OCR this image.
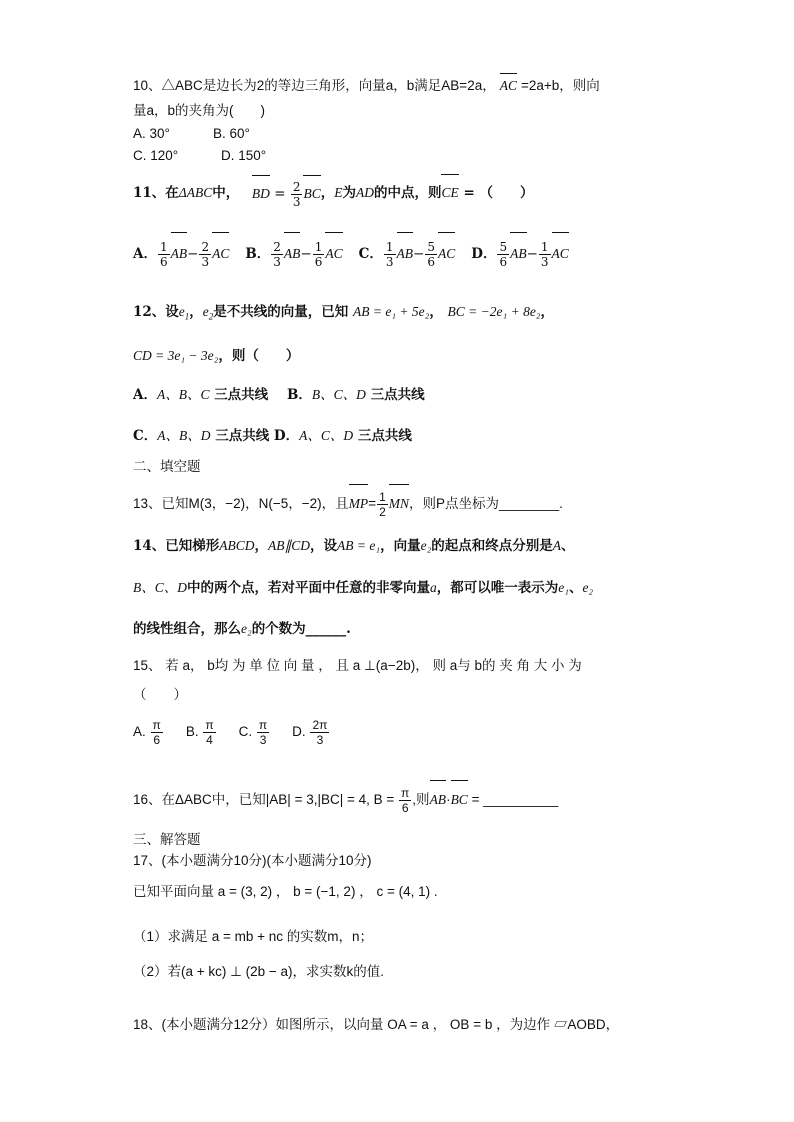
10、△ABC是边长为2的等边三角形，向量a，b满足AB=2a， AC =2a+b，则向
量a，b的夹角为(　　)
A. 30°	B. 60°
C. 120°	D. 150°
11、在ΔABC中， BD = $\frac{2}{3}$ BC，E为AD的中点，则CE = （　　）
A． $\frac{1}{6} AB- \frac{2}{3}$ AC B． $\frac{2}{3} AB- \frac{1}{6}$ AC C． $\frac{1}{3} AB- \frac{5}{6}$ AC D． $\frac{5}{6} AB- \frac{1}{3}$ AC
12、设$e_1$，$e_2$是不共线的向量，已知 AB = e₁ + 5e₂， BC = −2e₁ + 8e₂，
CD = 3e₁ − 3e₂，则（　　）
A．A、B、C 三点共线 B．B、C、D 三点共线
C．A、B、D 三点共线 D．A、C、D 三点共线
二、填空题
13、已知M(3，−2)，N(−5，−2)，且$MP= \frac{1}{2}$ MN，则P点坐标为________.
14、已知梯形ABCD，AB∥CD，设AB = e₁，向量e₂的起点和终点分别是A、
B、C、D中的两个点，若对平面中任意的非零向量a，都可以唯一表示为e₁、e₂
的线性组合，那么e₂的个数为______.
15、 若 a， b均 为 单 位 向 量 ， 且 a ⊥(a−2b)， 则 a与 b的 夹 角 大 小 为
（　　）
A. $\frac{\pi}{6} B$. $\frac{\pi}{4} C$. $\frac{\pi}{3} D$. $\frac{2\pi}{3}$
16、在ΔABC中，已知|AB| = 3,|BC| = 4, $B = \frac{\pi}{6}$ ,则AB·BC = __________
三、解答题
17、(本小题满分10分)(本小题满分10分)
已知平面向量 a = (3, 2) ， b = (−1, 2) ， c = (4, 1) .
（1）求满足 a = mb + nc 的实数m，n；
（2）若(a + kc) ⊥ (2b − a)，求实数k的值.
18、(本小题满分12分）如图所示，以向量 OA = a ， OB = b ，为边作 ▱AOBD，
